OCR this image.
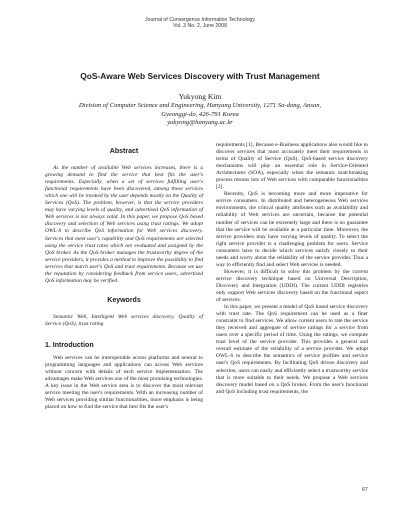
Journal of Convergence Information Technology
Vol. 3 No. 2, June 2008
QoS-Aware Web Services Discovery with Trust Management
Yukyong Kim
Division of Computer Science and Engineering, Hanyang University, 1271 Sa-dong, Ansan,
Gyeonggi-do, 426-791 Korea
yukyong@hanyang.ac.kr
Abstract

As the number of available Web services increases, there is a growing demand to find the service that best fits the user's requirements. Especially, when a set of services fulfilling user's functional requirements have been discovered, among these services which one will be invoked by the user depends mostly on the Quality of Services (QoS). The problem, however, is that the service providers may have varying levels of quality, and advertised QoS information of Web services is not always valid. In this paper, we propose QoS based discovery and selection of Web services using trust ratings. We adopt OWL-S to describe QoS information for Web services discovery. Services that meet user's capability and QoS requirements are selected using the service trust rates which are evaluated and assigned by the QoS broker. As the QoS broker manages the trustworthy degree of the service providers, it provides a method to improve the possibility to find services that match user's QoS and trust requirements. Because we use the reputation by considering feedback from service users, advertised QoS information may be verified.

Keywords

Semantic Web, Intelligent Web services discovery, Quality of Service (QoS), trust rating

1. Introduction

Web services can be interoperable across platforms and neutral to programming languages and applications can access Web services without concern with details of each service implementation. The advantages make Web services one of the most promising technologies. A key issue in the Web service area is to discover the most relevant service meeting the user's requirements. With an increasing number of Web services providing similar functionalities, more emphasis is being placed on how to find the service that best fits the user's

requirements [1]. Because e-Business applications also would like to discover services that most accurately meet their requirements in terms of Quality of Service (QoS), QoS-based service discovery mechanisms will play an essential role in Service-Oriented Architectures (SOA), especially when the semantic matchmaking process returns lots of Web services with comparable functionalities [2].

Recently, QoS is becoming more and more imperative for service consumers. In distributed and heterogeneous Web services environments, the critical quality attributes such as availability and reliability of Web services are uncertain, because the potential number of services can be extremely large and there is no guarantee that the service will be available at a particular time. Moreover, the service providers may have varying levels of quality. To select the right service provider is a challenging problem for users. Service consumers have to decide which services satisfy closely to their needs and worry about the reliability of the service provider. Thus a way to efficiently find and select Web services is needed.

However, it is difficult to solve this problem by the current service discovery technique based on Universal Description, Discovery and Integration (UDDI). The current UDDI registries only support Web services discovery based on the functional aspect of services.

In this paper, we present a model of QoS based service discovery with trust rate. The QoS requirement can be used as a finer constraint to find services. We allow current users to rate the service they received and aggregate of service ratings for a service from users over a specific period of time. Using the ratings, we compute trust level of the service provider. This provides a general and overall estimate of the reliability of a service provider. We adopt OWL-S to describe the semantics of service profiles and service user's QoS requirements. By facilitating QoS driven discovery and selection, users can easily and efficiently select a trustworthy service that is more suitable to their needs. We propose a Web services discovery model based on a QoS broker. From the user's functional and QoS including trust requirements, the

67
